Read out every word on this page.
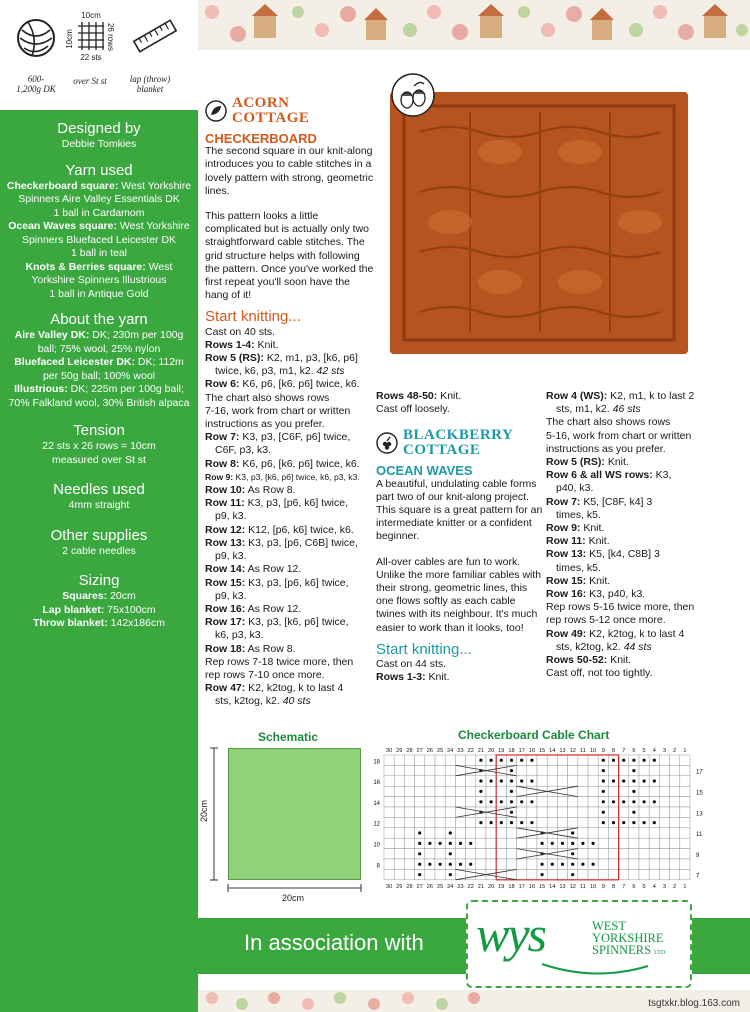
10cm
10cm	26 rows
22 sts
600-1,200g DK
over St st	lap (throw) blanket
Designed by
Debbie Tomkies
Yarn used
Checkerboard square: West Yorkshire Spinners Aire Valley Essentials DK
1 ball in Cardamom
Ocean Waves square: West Yorkshire Spinners Bluefaced Leicester DK
1 ball in teal
Knots & Berries square: West Yorkshire Spinners Illustrious
1 ball in Antique Gold
About the yarn
Aire Valley DK: DK; 230m per 100g ball; 75% wool, 25% nylon
Bluefaced Leicester DK: DK; 112m per 50g ball; 100% wool
Illustrious: DK; 225m per 100g ball; 70% Falkland wool, 30% British alpaca
Tension
22 sts x 26 rows = 10cm measured over St st
Needles used
4mm straight
Other supplies
2 cable needles
Sizing
Squares: 20cm
Lap blanket: 75x100cm
Throw blanket: 142x186cm
ACORN
COTTAGE
CHECKERBOARD

The second square in our knit-along introduces you to cable stitches in a lovely pattern with strong, geometric lines.

This pattern looks a little complicated but is actually only two straightforward cable stitches. The grid structure helps with following the pattern. Once you've worked the first repeat you'll soon have the hang of it!

Start knitting...

Cast on 40 sts.

Rows 1-4: Knit.

Row 5 (RS): K2, m1, p3, [k6, p6]

twice, k6, p3, m1, k2. 42 sts

Row 6: K6, p6, [k6, p6] twice, k6.

The chart also shows rows

7-16, work from chart or written

instructions as you prefer.

Row 7: K3, p3, [C6F, p6] twice,

C6F, p3, k3.

Row 8: K6, p6, [k6, p6] twice, k6.

Row 9: K3, p3, [k6, p6] twice, k6, p3, k3.

Row 10: As Row 8.

Row 11: K3, p3, [p6, k6] twice,

p9, k3.

Row 12: K12, [p6, k6] twice, k6.

Row 13: K3, p3, [p6, C6B] twice,

p9, k3.

Row 14: As Row 12.

Row 15: K3, p3, [p6, k6] twice,

p9, k3.

Row 16: As Row 12.

Row 17: K3, p3, [k6, p6] twice,

k6, p3, k3.

Row 18: As Row 8.

Rep rows 7-18 twice more, then

rep rows 7-10 once more.

Row 47: K2, k2tog, k to last 4

sts, k2tog, k2. 40 sts

Rows 48-50: Knit.

Cast off loosely.

BLACKBERRY
COTTAGE
OCEAN WAVES

A beautiful, undulating cable forms part two of our knit-along project. This square is a great pattern for an intermediate knitter or a confident beginner.

All-over cables are fun to work. Unlike the more familiar cables with their strong, geometric lines, this one flows softly as each cable twines with its neighbour. It's much easier to work than it looks, too!

Start knitting...

Cast on 44 sts.

Rows 1-3: Knit.

Row 4 (WS): K2, m1, k to last 2

sts, m1, k2. 46 sts

The chart also shows rows

5-16, work from chart or written

instructions as you prefer.

Row 5 (RS): Knit.

Row 6 & all WS rows: K3,

p40, k3.

Row 7: K5, [C8F, k4] 3

times, k5.

Row 9: Knit.

Row 11: Knit.

Row 13: K5, [k4, C8B] 3

times, k5.

Row 15: Knit.

Row 16: K3, p40, k3.

Rep rows 5-16 twice more, then

rep rows 5-12 once more.

Row 49: K2, k2tog, k to last 4

sts, k2tog, k2. 44 sts

Rows 50-52: Knit.

Cast off, not too tightly.

Schematic
20cm
20cm
Checkerboard Cable Chart
30
30
29
29
28
28
27
27
26
26
25
25
24
24
23
23
22
22
21
21
20
20
19
19
18
18
17
17
16
16
15
15
14
14
13
13
12
12
11
11
10
10
9
9
8
8
7
7
6
6
5
5
4
4
3
3
2
2
1
1
18
16
14
12
10
8
17
15
13
11
9
7
In association with wys	WEST
YORKSHIRE
SPINNERS LTD
tsgtxkr.blog.163.com
